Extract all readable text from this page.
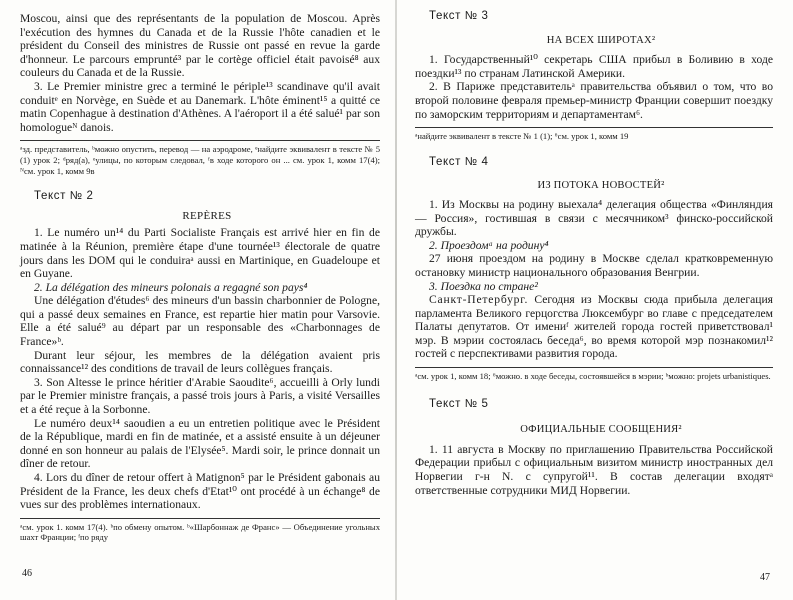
Moscou, ainsi que des représentants de la population de Moscou. Après l'exécution des hymnes du Canada et de la Russie l'hôte canadien et le président du Conseil des ministres de Russie ont passé en revue la garde d'honneur. Le parcours emprunté³ par le cortège officiel était pavoisé⁸ aux couleurs du Canada et de la Russie.

3. Le Premier ministre grec a terminé le périple¹³ scandinave qu'il avait conduitᵉ en Norvège, en Suède et au Danemark. L'hôte éminent¹⁵ a quitté ce matin Copenhague à destination d'Athènes. A l'aéroport il a été salué¹ par son homologueᴺ danois.

ᵃзд. представитель, ᵇможно опустить, перевод — на аэродроме, ᵉнайдите эквивалент в тексте № 5 (1) урок 2; ᵈряд(а), ᵉулицы, по которым следовал, ᶠв ходе которого он ... см. урок 1, комм 17(4); ᴺсм. урок 1, комм 9в

Текст № 2

REPÈRES

1. Le numéro un¹⁴ du Parti Socialiste Français est arrivé hier en fin de matinée à la Réunion, première étape d'une tournée¹³ électorale de quatre jours dans les DOM qui le conduiraᵃ aussi en Martinique, en Guadeloupe et en Guyane.

2. La délégation des mineurs polonais a regagné son pays⁴

Une délégation d'études⁶ des mineurs d'un bassin charbonnier de Pologne, qui a passé deux semaines en France, est repartie hier matin pour Varsovie. Elle a été salué⁹ au départ par un responsable des «Charbonnages de France»ᵇ.

Durant leur séjour, les membres de la délégation avaient pris connaissance¹² des conditions de travail de leurs collègues français.

3. Son Altesse le prince héritier d'Arabie Saoudite⁶, accueilli à Orly lundi par le Premier ministre français, a passé trois jours à Paris, a visité Versailles et a été reçue à la Sorbonne.

Le numéro deux¹⁴ saoudien a eu un entretien politique avec le Président de la République, mardi en fin de matinée, et a assisté ensuite à un déjeuner donné en son honneur au palais de l'Elysée⁵. Mardi soir, le prince donnait un dîner de retour.

4. Lors du dîner de retour offert à Matignon⁵ par le Président gabonais au Président de la France, les deux chefs d'Etat¹⁰ ont procédé à un échange⁸ de vues sur des problèmes internationaux.

ᵃсм. урок 1. комм 17(4). ᵇпо обмену опытом. ᵇ«Шарбоннаж де Франс» — Объединение угольных шахт Франции; ᶠпо ряду

46

Текст № 3

НА ВСЕХ ШИРОТАХ²

1. Государственный¹⁰ секретарь США прибыл в Боливию в ходе поездки¹³ по странам Латинской Америки.

2. В Париже представительᵃ правительства объявил о том, что во второй половине февраля премьер-министр Франции совершит поездку по заморским территориям и департаментам⁶.

ᵃнайдите эквивалент в тексте № 1 (1); ⁶см. урок 1, комм 19

Текст № 4

ИЗ ПОТОКА НОВОСТЕЙ²

1. Из Москвы на родину выехала⁴ делегация общества «Финляндия — Россия», гостившая в связи с месячником³ финско-российской дружбы.

2. Проездомᵃ на родину⁴

27 июня проездом на родину в Москве сделал кратковременную остановку министр национального образования Венгрии.

3. Поездка по стране²

Санкт-Петербург. Сегодня из Москвы сюда прибыла делегация парламента Великого герцогства Люксембург во главе с председателем Палаты депутатов. От имениᶠ жителей города гостей приветствовал¹ мэр. В мэрии состоялась беседа⁶, во время которой мэр познакомил¹² гостей с перспективами развития города.

ᵃсм. урок 1, комм 18; ⁶можно. в ходе беседы, состоявшейся в мэрии; ᵇможно: projets urbanistiques.

Текст № 5

ОФИЦИАЛЬНЫЕ СООБЩЕНИЯ²

1. 11 августа в Москву по приглашению Правительства Российской Федерации прибыл с официальным визитом министр иностранных дел Норвегии г-н N. с супругой¹¹. В состав делегации входятᵃ ответственные сотрудники МИД Норвегии.

47
